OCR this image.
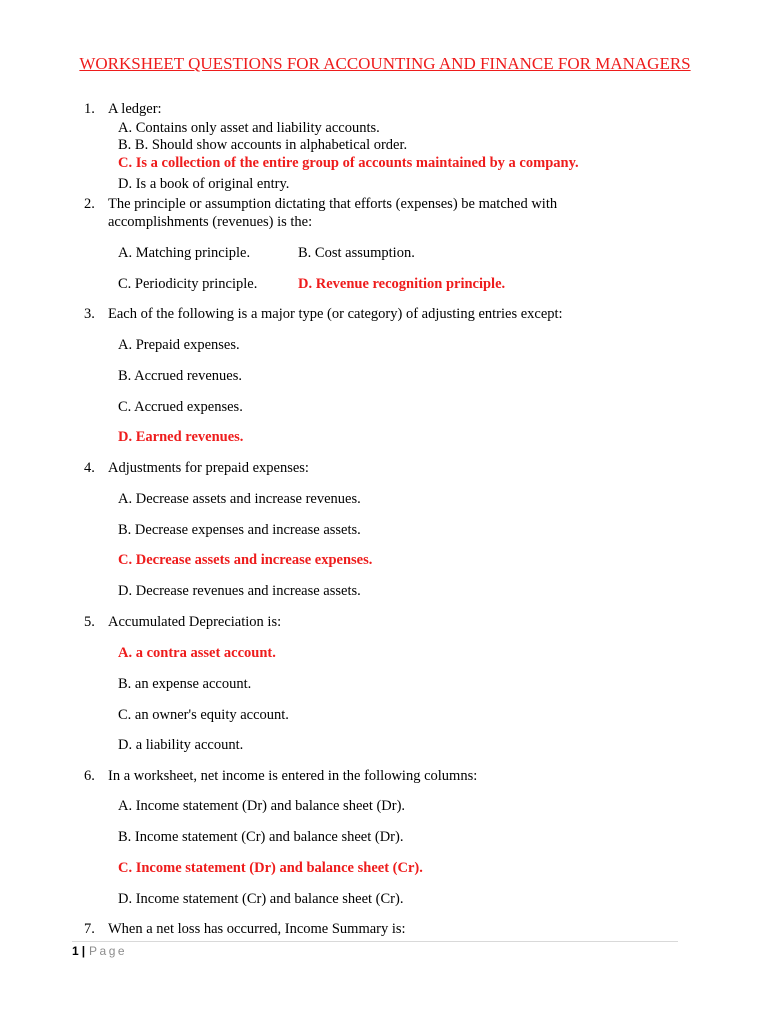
WORKSHEET QUESTIONS FOR ACCOUNTING AND FINANCE FOR MANAGERS
1. A ledger:
A. Contains only asset and liability accounts.
B. B. Should show accounts in alphabetical order.
C. Is a collection of the entire group of accounts maintained by a company.
D. Is a book of original entry.
2. The principle or assumption dictating that efforts (expenses) be matched with accomplishments (revenues) is the:
A. Matching principle.	B. Cost assumption.
C. Periodicity principle.	D. Revenue recognition principle.
3. Each of the following is a major type (or category) of adjusting entries except:
A. Prepaid expenses.
B. Accrued revenues.
C. Accrued expenses.
D. Earned revenues.
4. Adjustments for prepaid expenses:
A. Decrease assets and increase revenues.
B. Decrease expenses and increase assets.
C. Decrease assets and increase expenses.
D. Decrease revenues and increase assets.
5. Accumulated Depreciation is:
A. a contra asset account.
B. an expense account.
C. an owner's equity account.
D. a liability account.
6. In a worksheet, net income is entered in the following columns:
A. Income statement (Dr) and balance sheet (Dr).
B. Income statement (Cr) and balance sheet (Dr).
C. Income statement (Dr) and balance sheet (Cr).
D. Income statement (Cr) and balance sheet (Cr).
7. When a net loss has occurred, Income Summary is:
1 | Page
